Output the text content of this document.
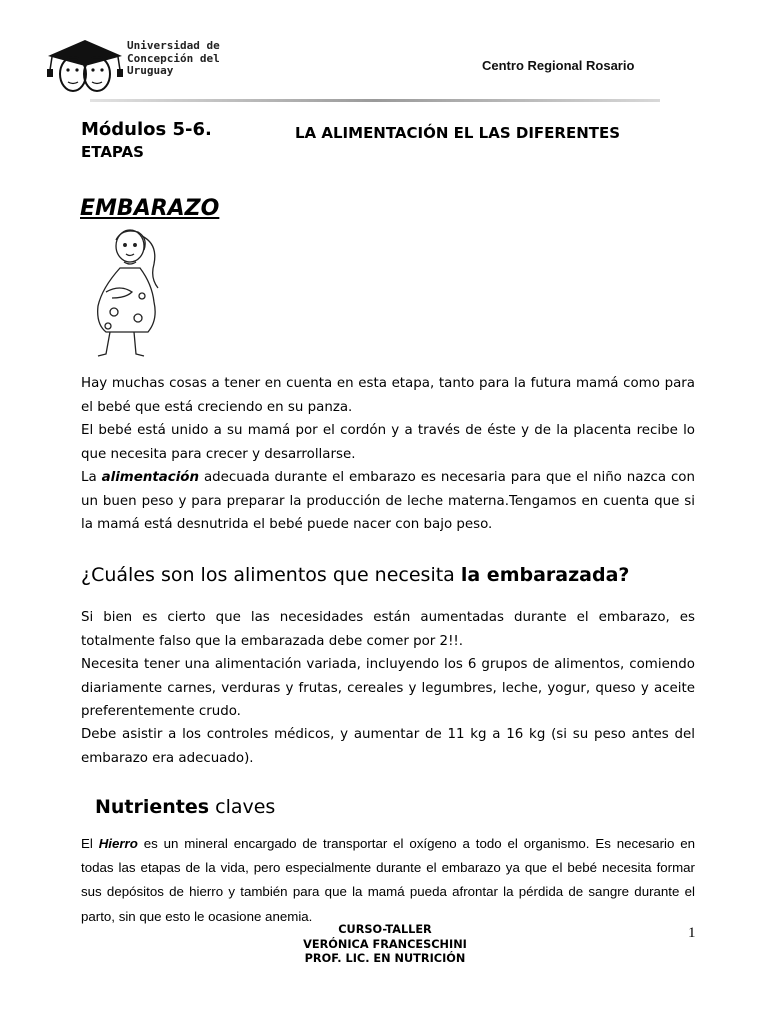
Universidad de
Concepción del
Uruguay	Centro Regional Rosario
Módulos 5-6.	LA ALIMENTACIÓN EL LAS DIFERENTES
ETAPAS
EMBARAZO

Hay muchas cosas a tener en cuenta en esta etapa, tanto para la futura mamá como para el bebé que está creciendo en su panza.

El bebé está unido a su mamá por el cordón y a través de éste y de la placenta recibe lo que necesita para crecer y desarrollarse.

La alimentación adecuada durante el embarazo es necesaria para que el niño nazca con un buen peso y para preparar la producción de leche materna.Tengamos en cuenta que si la mamá está desnutrida el bebé puede nacer con bajo peso.

¿Cuáles son los alimentos que necesita la embarazada?

Si bien es cierto que las necesidades están aumentadas durante el embarazo, es totalmente falso que la embarazada debe comer por 2!!.

Necesita tener una alimentación variada, incluyendo los 6 grupos de alimentos, comiendo diariamente carnes, verduras y frutas, cereales y legumbres, leche, yogur, queso y aceite preferentemente crudo.

Debe asistir a los controles médicos, y aumentar de 11 kg a 16 kg (si su peso antes del embarazo era adecuado).

Nutrientes claves

El Hierro es un mineral encargado de transportar el oxígeno a todo el organismo. Es necesario en todas las etapas de la vida, pero especialmente durante el embarazo ya que el bebé necesita formar sus depósitos de hierro y también para que la mamá pueda afrontar la pérdida de sangre durante el parto, sin que esto le ocasione anemia.

CURSO-TALLER
VERÓNICA FRANCESCHINI
PROF. LIC. EN NUTRICIÓN
1
